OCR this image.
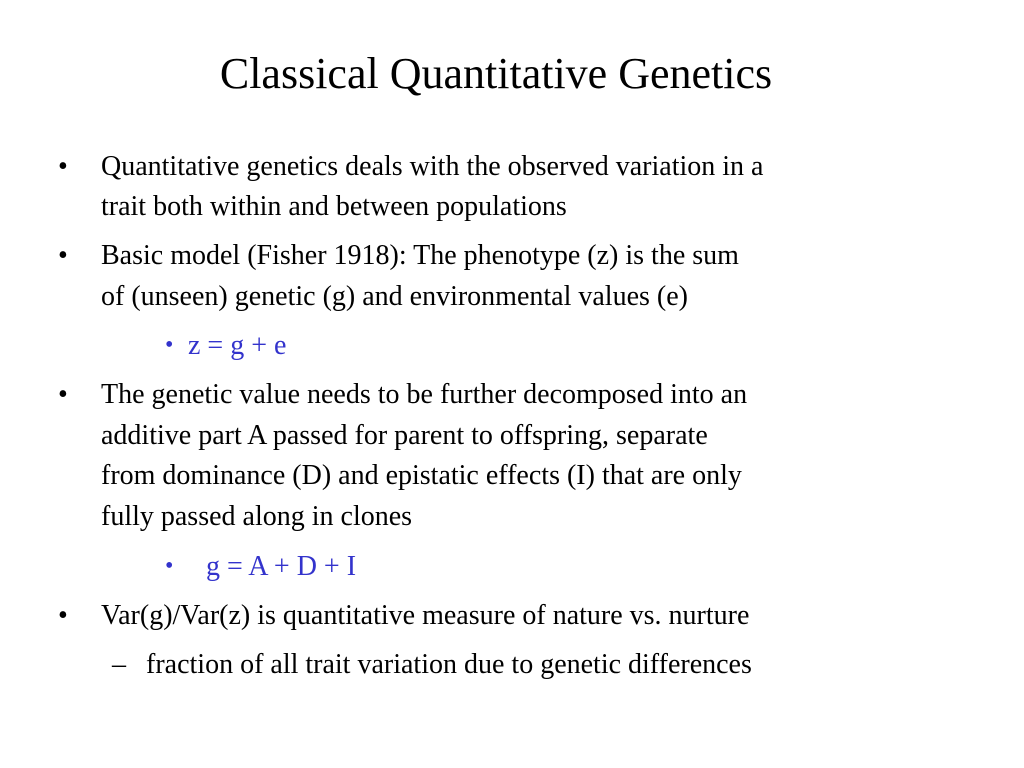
Classical Quantitative Genetics
• Quantitative genetics deals with the observed variation in a

trait both within and between populations

• Basic model (Fisher 1918): The phenotype (z) is the sum

of (unseen) genetic (g) and environmental values (e)

• z = g + e

• The genetic value needs to be further decomposed into an

additive part A passed for parent to offspring, separate

from dominance (D) and epistatic effects (I) that are only

fully passed along in clones

• g = A + D + I

• Var(g)/Var(z) is quantitative measure of nature vs. nurture

– fraction of all trait variation due to genetic differences
